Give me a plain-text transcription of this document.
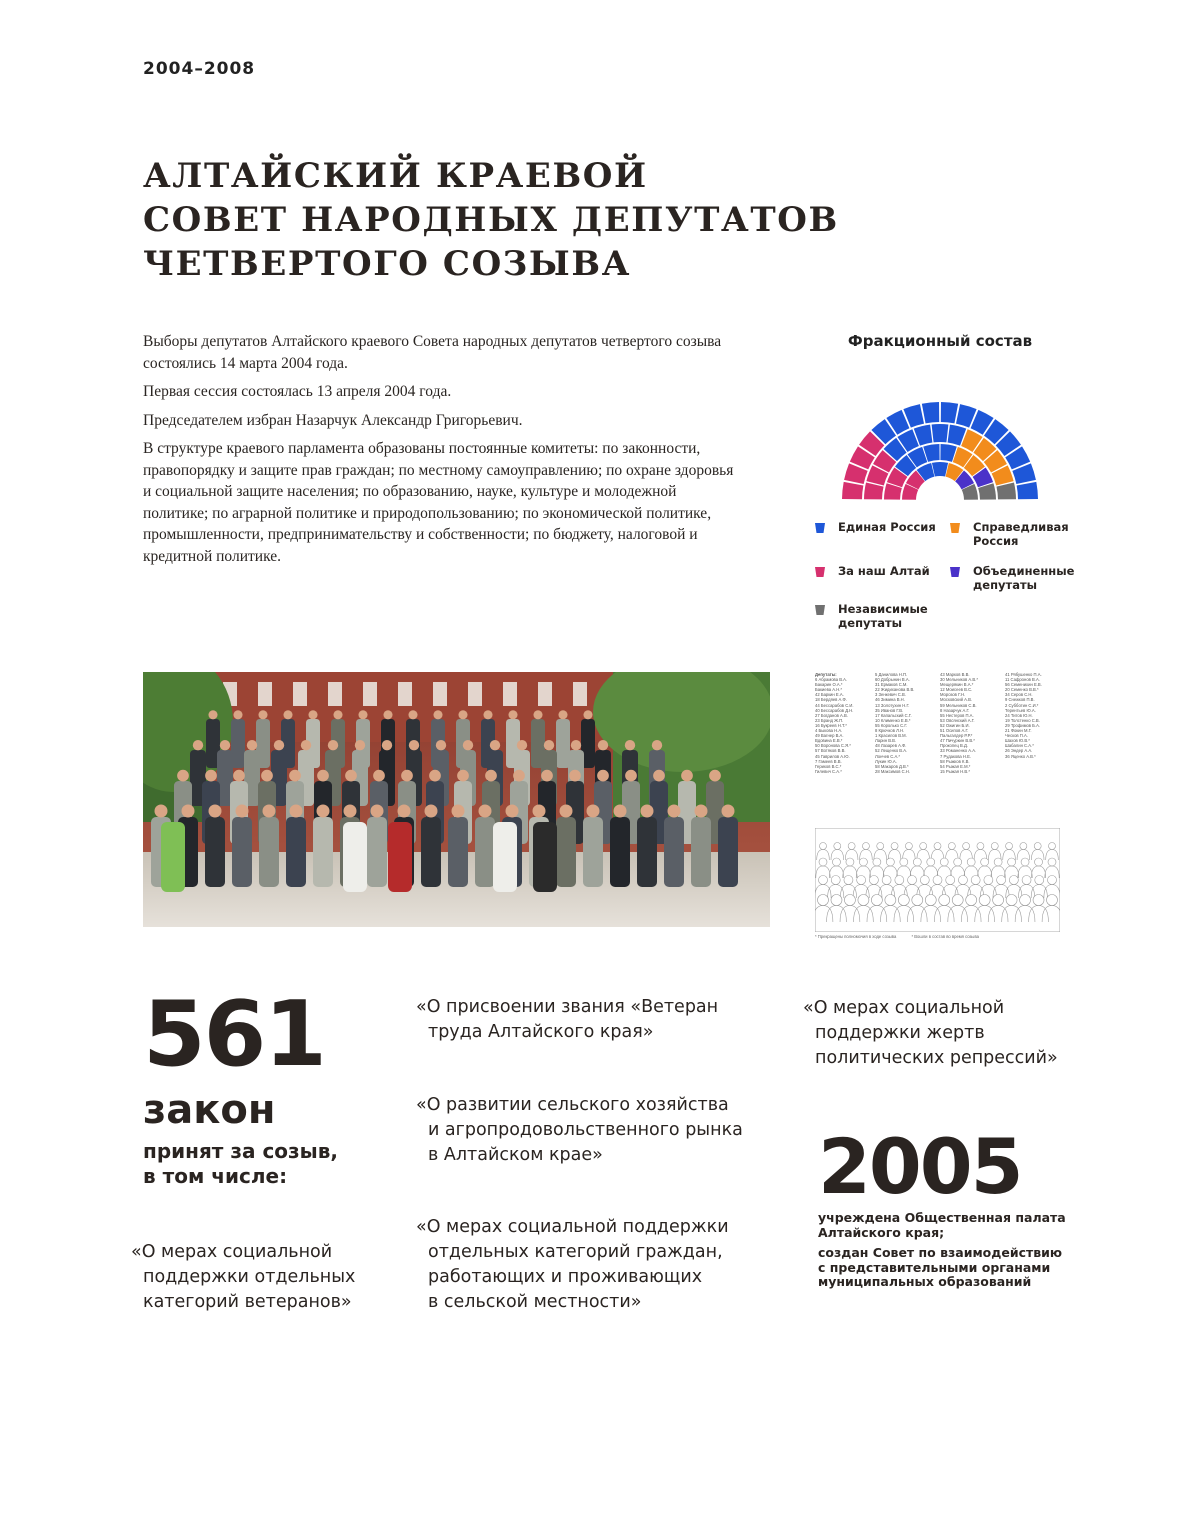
2004–2008
АЛТАЙСКИЙ КРАЕВОЙ
СОВЕТ НАРОДНЫХ ДЕПУТАТОВ
ЧЕТВЕРТОГО СОЗЫВА

Выборы депутатов Алтайского краевого Совета народных депутатов четвертого созыва состоялись 14 марта 2004 года.

Первая сессия состоялась 13 апреля 2004 года.

Председателем избран Назарчук Александр Григорьевич.

В структуре краевого парламента образованы постоянные комитеты: по законности, правопорядку и защите прав граждан; по местному самоуправлению; по охране здоровья и социальной защите населения; по образованию, науке, культуре и молодежной политике; по аграрной политике и природопользованию; по экономической политике, промышленности, предпринимательству и собственности; по бюджету, налоговой и кредитной политике.

Фракционный состав
Единая Россия	Справедливая Россия
За наш Алтай	Объединенные депутаты
Независимые депутаты
Депутаты:
6 Абрамова В.А.
Бакарин О.А.*
Бакиева А.Н.*
42 Баркин Е.А.
18 Бердяев А.Ф.
44 Бессарабов С.И.
40 Бессарабов Д.Н.
27 Богданов А.В.
23 Бранд Ж.П.
16 Букреев Н.Т.*
4 Быкова Н.А.
49 Вагнер В.А.
Вдовина Е.В.*
50 Воронова С.Я.*
57 Вотяков В.В.
45 Гаврилов А.Ю.
7 Гамеев В.В.
Гериков В.С.*
Гилевич С.А.*
5 Данилова Н.П.
60 Добрынин В.А.
31 Ермаков С.М.
22 Жидиханова В.В.
3 Зенкевич С.В.
46 Зимина В.Н.
13 Золотухин Н.Г.
35 Иванов Г.В.
17 Капальский С.Г.
10 Клименко Е.В.*
55 Королько С.Г.
8 Крючков Л.Н.
1 Красилов В.М.
Ларин В.В.
48 Лазарев А.Ф.
52 Лещенко В.А.
Лончев С.А.*
Лукин Ю.А.
58 Макаров Д.В.*
28 Максимов С.Н.
43 Марков В.В.
30 Мельников А.В.*
Мещерякин В.А.*
12 Моисеев В.С.
Морозов Г.Н.
Московский А.В.
59 Мельников С.В.
8 Назарчук А.Г.
55 Нестеров П.А.
53 Овсянский А.Г.
52 Ожигин Б.И.
51 Осипов А.Г.
Пальгалдер Р.Р.*
47 Пичуркин В.В.*
Прокопец В.Д.
33 Романенко А.А.
7 Рудакова Н.Е.
58 Рыжков К.В.
54 Рыжая Е.М.*
15 Рыжая Н.В.*
41 Рябушенко П.А.
11 Сафронов В.А.
56 Семенихин Е.В.
20 Семенко В.В.*
34 Серов С.Н.
9 Снежков П.В.
2 Субботин С.И.*
Терентьев Ю.А.
24 Титов Ю.Н.
19 Толстенко С.В.
29 Трофимов Б.А.
21 Фокин М.Г.
Ческов П.А.
Шахов Ю.В.*
Шабалин С.А.*
26 Эндер А.А.
36 Яценко А.В.*
* Прекращены полномочия в ходе созыва	* Вошли в состав во время созыва
561
закон
принят за созыв,
в том числе:
«О мерах социальной
поддержки отдельных
категорий ветеранов»
«О присвоении звания «Ветеран
труда Алтайского края»
«О развитии сельского хозяйства
и агропродовольственного рынка
в Алтайском крае»
«О мерах социальной поддержки
отдельных категорий граждан,
работающих и проживающих
в сельской местности»
«О мерах социальной
поддержки жертв
политических репрессий»
2005

учреждена Общественная палата Алтайского края;

создан Совет по взаимодействию с представительными органами муниципальных образований
